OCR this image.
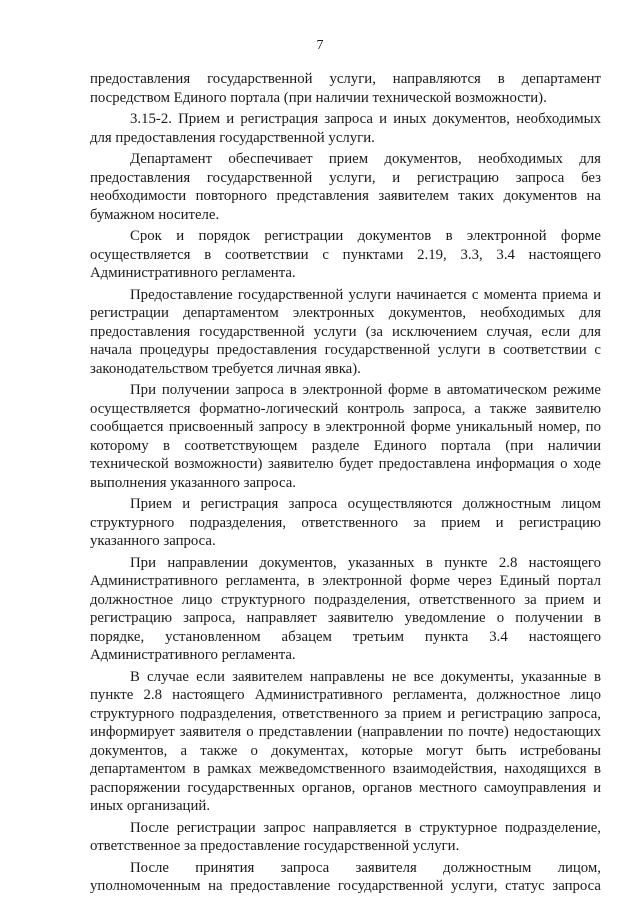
7
предоставления государственной услуги, направляются в департамент
посредством Единого портала (при наличии технической возможности).
3.15-2. Прием и регистрация запроса и иных документов, необходимых
для предоставления государственной услуги.
Департамент обеспечивает прием документов, необходимых для
предоставления государственной услуги, и регистрацию запроса без
необходимости повторного представления заявителем таких документов на
бумажном носителе.
Срок и порядок регистрации документов в электронной форме
осуществляется в соответствии с пунктами 2.19, 3.3, 3.4 настоящего
Административного регламента.
Предоставление государственной услуги начинается с момента приема и
регистрации департаментом электронных документов, необходимых для
предоставления государственной услуги (за исключением случая, если для
начала процедуры предоставления государственной услуги в соответствии с
законодательством требуется личная явка).
При получении запроса в электронной форме в автоматическом режиме
осуществляется форматно-логический контроль запроса, а также заявителю
сообщается присвоенный запросу в электронной форме уникальный номер, по
которому в соответствующем разделе Единого портала (при наличии
технической возможности) заявителю будет предоставлена информация о ходе
выполнения указанного запроса.
Прием и регистрация запроса осуществляются должностным лицом
структурного подразделения, ответственного за прием и регистрацию
указанного запроса.
При направлении документов, указанных в пункте 2.8 настоящего
Административного регламента, в электронной форме через Единый портал
должностное лицо структурного подразделения, ответственного за прием и
регистрацию запроса, направляет заявителю уведомление о получении в
порядке, установленном абзацем третьим пункта 3.4 настоящего
Административного регламента.
В случае если заявителем направлены не все документы, указанные в
пункте 2.8 настоящего Административного регламента, должностное лицо
структурного подразделения, ответственного за прием и регистрацию запроса,
информирует заявителя о представлении (направлении по почте) недостающих
документов, а также о документах, которые могут быть истребованы
департаментом в рамках межведомственного взаимодействия, находящихся в
распоряжении государственных органов, органов местного самоуправления и
иных организаций.
После регистрации запрос направляется в структурное подразделение,
ответственное за предоставление государственной услуги.
После принятия запроса заявителя должностным лицом,
уполномоченным на предоставление государственной услуги, статус запроса
